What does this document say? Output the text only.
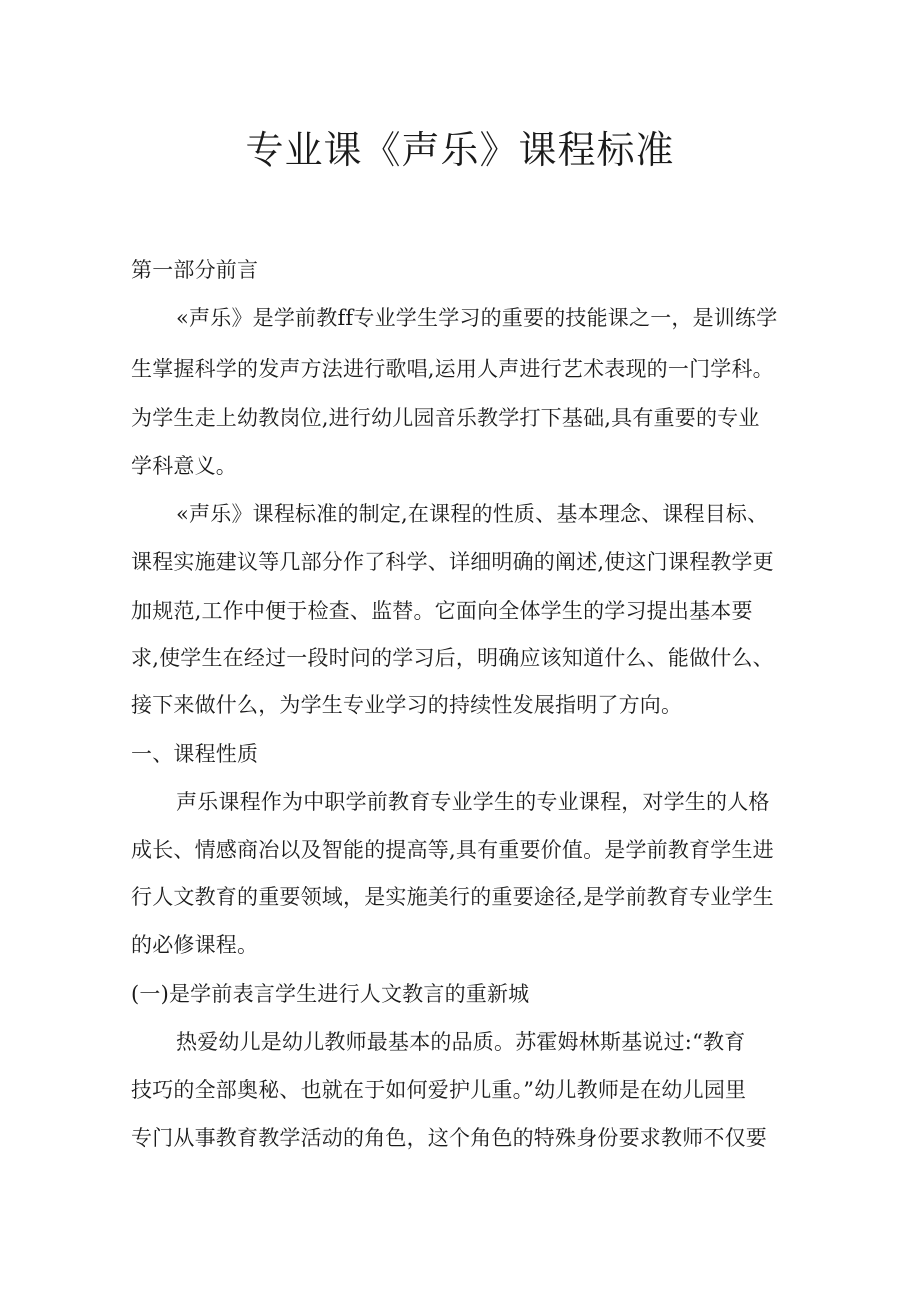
专业课《声乐》课程标准
第一部分前言
«声乐》是学前教ff专业学生学习的重要的技能课之一，是训练学
生掌握科学的发声方法进行歌唱,运用人声进行艺术表现的一门学科。
为学生走上幼教岗位,进行幼儿园音乐教学打下基础,具有重要的专业
学科意义。
«声乐》课程标准的制定,在课程的性质、基本理念、课程目标、
课程实施建议等几部分作了科学、详细明确的阐述,使这门课程教学更
加规范,工作中便于检查、监替。它面向全体学生的学习提出基本要
求,使学生在经过一段时问的学习后，明确应该知道什么、能做什么、
接下来做什么，为学生专业学习的持续性发展指明了方向。
一、课程性质
声乐课程作为中职学前教育专业学生的专业课程，对学生的人格
成长、情感商冶以及智能的提高等,具有重要价值。是学前教育学生进
行人文教育的重要领域，是实施美行的重要途径,是学前教育专业学生
的必修课程。
(一)是学前表言学生进行人文教言的重新城
热爱幼儿是幼儿教师最基本的品质。苏霍姆林斯基说过:“教育
技巧的全部奥秘、也就在于如何爱护儿重。”幼儿教师是在幼儿园里
专门从事教育教学活动的角色，这个角色的特殊身份要求教师不仅要
